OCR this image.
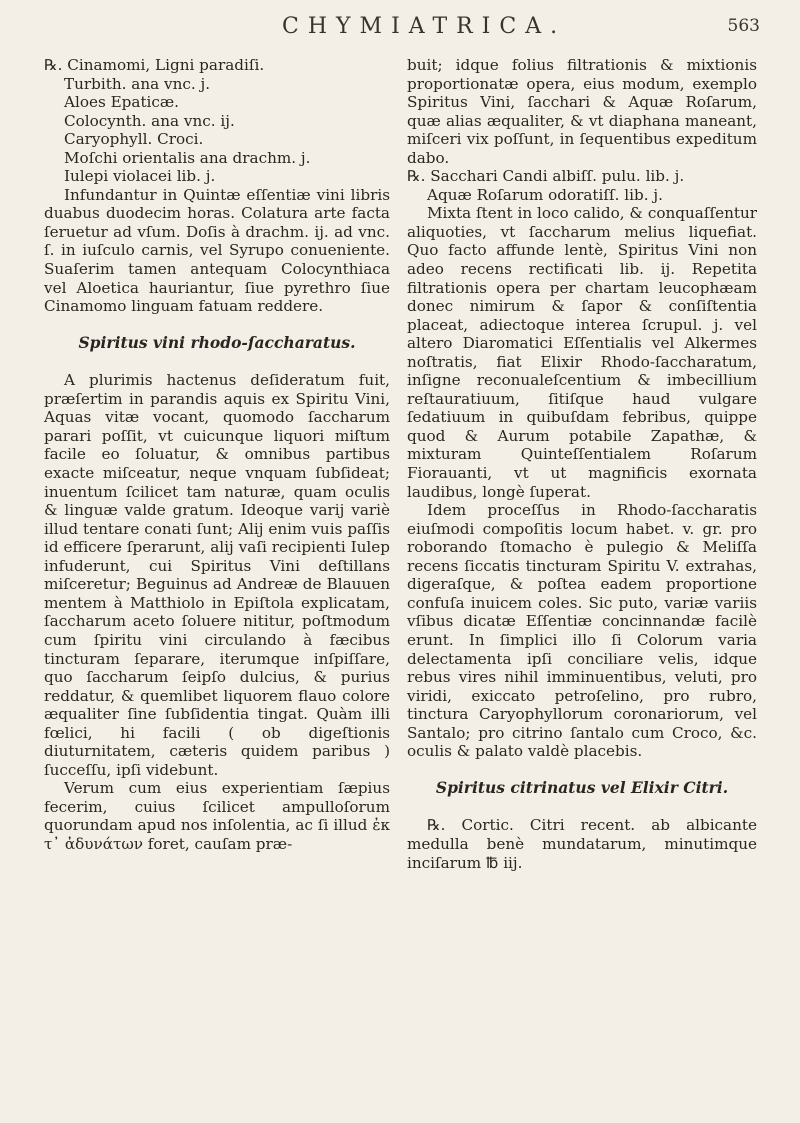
CHYMIATRICA.	563

℞. Cinamomi, Ligni paradiſi.

Turbith. ana vnc. j.

Aloes Epaticæ.

Colocynth. ana vnc. ij.

Caryophyll. Croci.

Moſchi orientalis ana drachm. j.

Iulepi violacei lib. j.

Infundantur in Quintæ eſſentiæ vini libris duabus duodecim horas. Colatura arte facta ſeruetur ad vſum. Doſis à drachm. ij. ad vnc. ſ. in iuſculo carnis, vel Syrupo conueniente. Suaſerim tamen antequam Colocynthiaca vel Aloetica hauriantur, ſiue pyrethro ſiue Cinamomo linguam fatuam reddere.

Spiritus vini rhodo-ſaccharatus.

A plurimis hactenus deſideratum fuit, præſertim in parandis aquis ex Spiritu Vini, Aquas vitæ vocant, quomodo ſaccharum parari poſſit, vt cuicunque liquori miſtum facile eo ſoluatur, & omnibus partibus exacte miſceatur, neque vnquam ſubſideat; inuentum ſcilicet tam naturæ, quam oculis & linguæ valde gratum. Ideoque varij variè illud tentare conati ſunt; Alij enim vuis paſſis id efficere ſperarunt, alij vaſi recipienti Iulep infuderunt, cui Spiritus Vini deſtillans miſceretur; Beguinus ad Andreæ de Blauuen mentem à Matthiolo in Epiſtola explicatam, ſaccharum aceto ſoluere nititur, poſtmodum cum ſpiritu vini circulando à fæcibus tincturam ſeparare, iterumque inſpiſſare, quo ſaccharum ſeipſo dulcius, & purius reddatur, & quemlibet liquorem flauo colore æqualiter ſine ſubſidentia tingat. Quàm illi fœlici, hi facili ( ob digeſtionis diuturnitatem, cæteris quidem paribus ) ſucceſſu, ipſi videbunt.

Verum cum eius experientiam ſæpius fecerim, cuius ſcilicet ampulloſorum quorundam apud nos inſolentia, ac ſi illud ἐκ τ᾽ ἀδυνάτων foret, cauſam præ-

buit; idque folius filtrationis & mixtionis proportionatæ opera, eius modum, exemplo Spiritus Vini, ſacchari & Aquæ Roſarum, quæ alias æqualiter, & vt diaphana maneant, miſceri vix poſſunt, in ſequentibus expeditum dabo.

℞. Sacchari Candi albiſſ. pulu. lib. j.

Aquæ Roſarum odoratiſſ. lib. j.

Mixta ſtent in loco calido, & conquaſſentur aliquoties, vt ſaccharum melius liquefiat. Quo facto affunde lentè, Spiritus Vini non adeo recens rectificati lib. ij. Repetita filtrationis opera per chartam leucophæam donec nimirum & ſapor & conſiſtentia placeat, adiectoque interea ſcrupul. j. vel altero Diaromatici Eſſentialis vel Alkermes noſtratis, fiat Elixir Rhodo-ſaccharatum, inſigne reconualeſcentium & imbecillium reſtauratiuum, ſitiſque haud vulgare ſedatiuum in quibuſdam febribus, quippe quod & Aurum potabile Zapathæ, & mixturam Quinteſſentialem Roſarum Fiorauanti, vt ut magnificis exornata laudibus, longè ſuperat.

Idem proceſſus in Rhodo-ſaccharatis eiuſmodi compoſitis locum habet. v. gr. pro roborando ſtomacho è pulegio & Meliſſa recens ſiccatis tincturam Spiritu V. extrahas, digeraſque, & poſtea eadem proportione confuſa inuicem coles. Sic puto, variæ variis vſibus dicatæ Eſſentiæ concinnandæ facilè erunt. In ſimplici illo ſi Colorum varia delectamenta ipſi conciliare velis, idque rebus vires nihil imminuentibus, veluti, pro viridi, exiccato petroſelino, pro rubro, tinctura Caryophyllorum coronariorum, vel Santalo; pro citrino ſantalo cum Croco, &c. oculis & palato valdè placebis.

Spiritus citrinatus vel Elixir Citri.

℞. Cortic. Citri recent. ab albicante medulla benè mundatarum, minutimque inciſarum ℔ iij.
